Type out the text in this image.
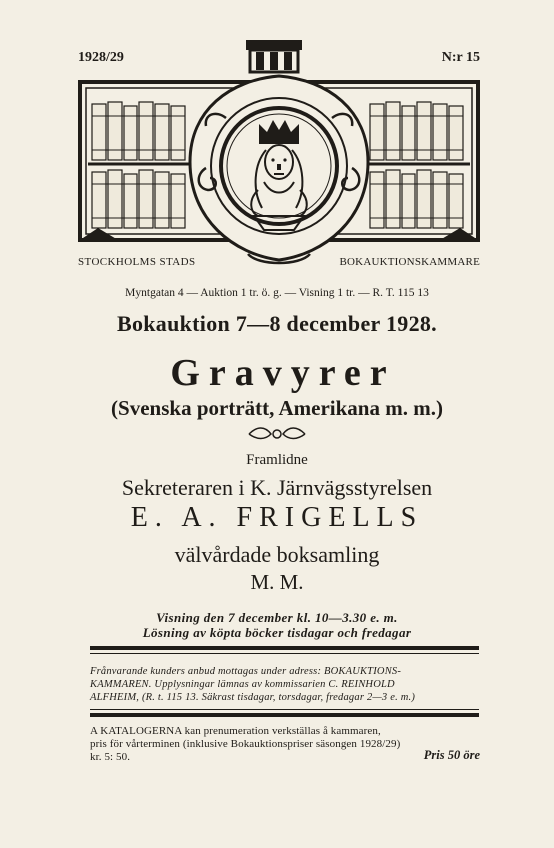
1928/29	N:r 15
STOCKHOLMS STADS	BOKAUKTIONSKAMMARE
Myntgatan 4 — Auktion 1 tr. ö. g. — Visning 1 tr. — R. T. 115 13
Bokauktion 7—8 december 1928.
Gravyrer
(Svenska porträtt, Amerikana m. m.)
Framlidne
Sekreteraren i K. Järnvägsstyrelsen
E. A. FRIGELLS
välvårdade boksamling
M. M.
Visning den 7 december kl. 10—3.30 e. m.
Lösning av köpta böcker tisdagar och fredagar
Frånvarande kunders anbud mottagas under adress: BOKAUKTIONS-
KAMMAREN. Upplysningar lämnas av kommissarien C. REINHOLD
ALFHEIM, (R. t. 115 13. Säkrast tisdagar, torsdagar, fredagar 2—3 e. m.)
A KATALOGERNA kan prenumeration verkställas å kammaren,
pris för vårterminen (inklusive Bokauktionspriser säsongen 1928/29)
kr. 5: 50.	Pris 50 öre
